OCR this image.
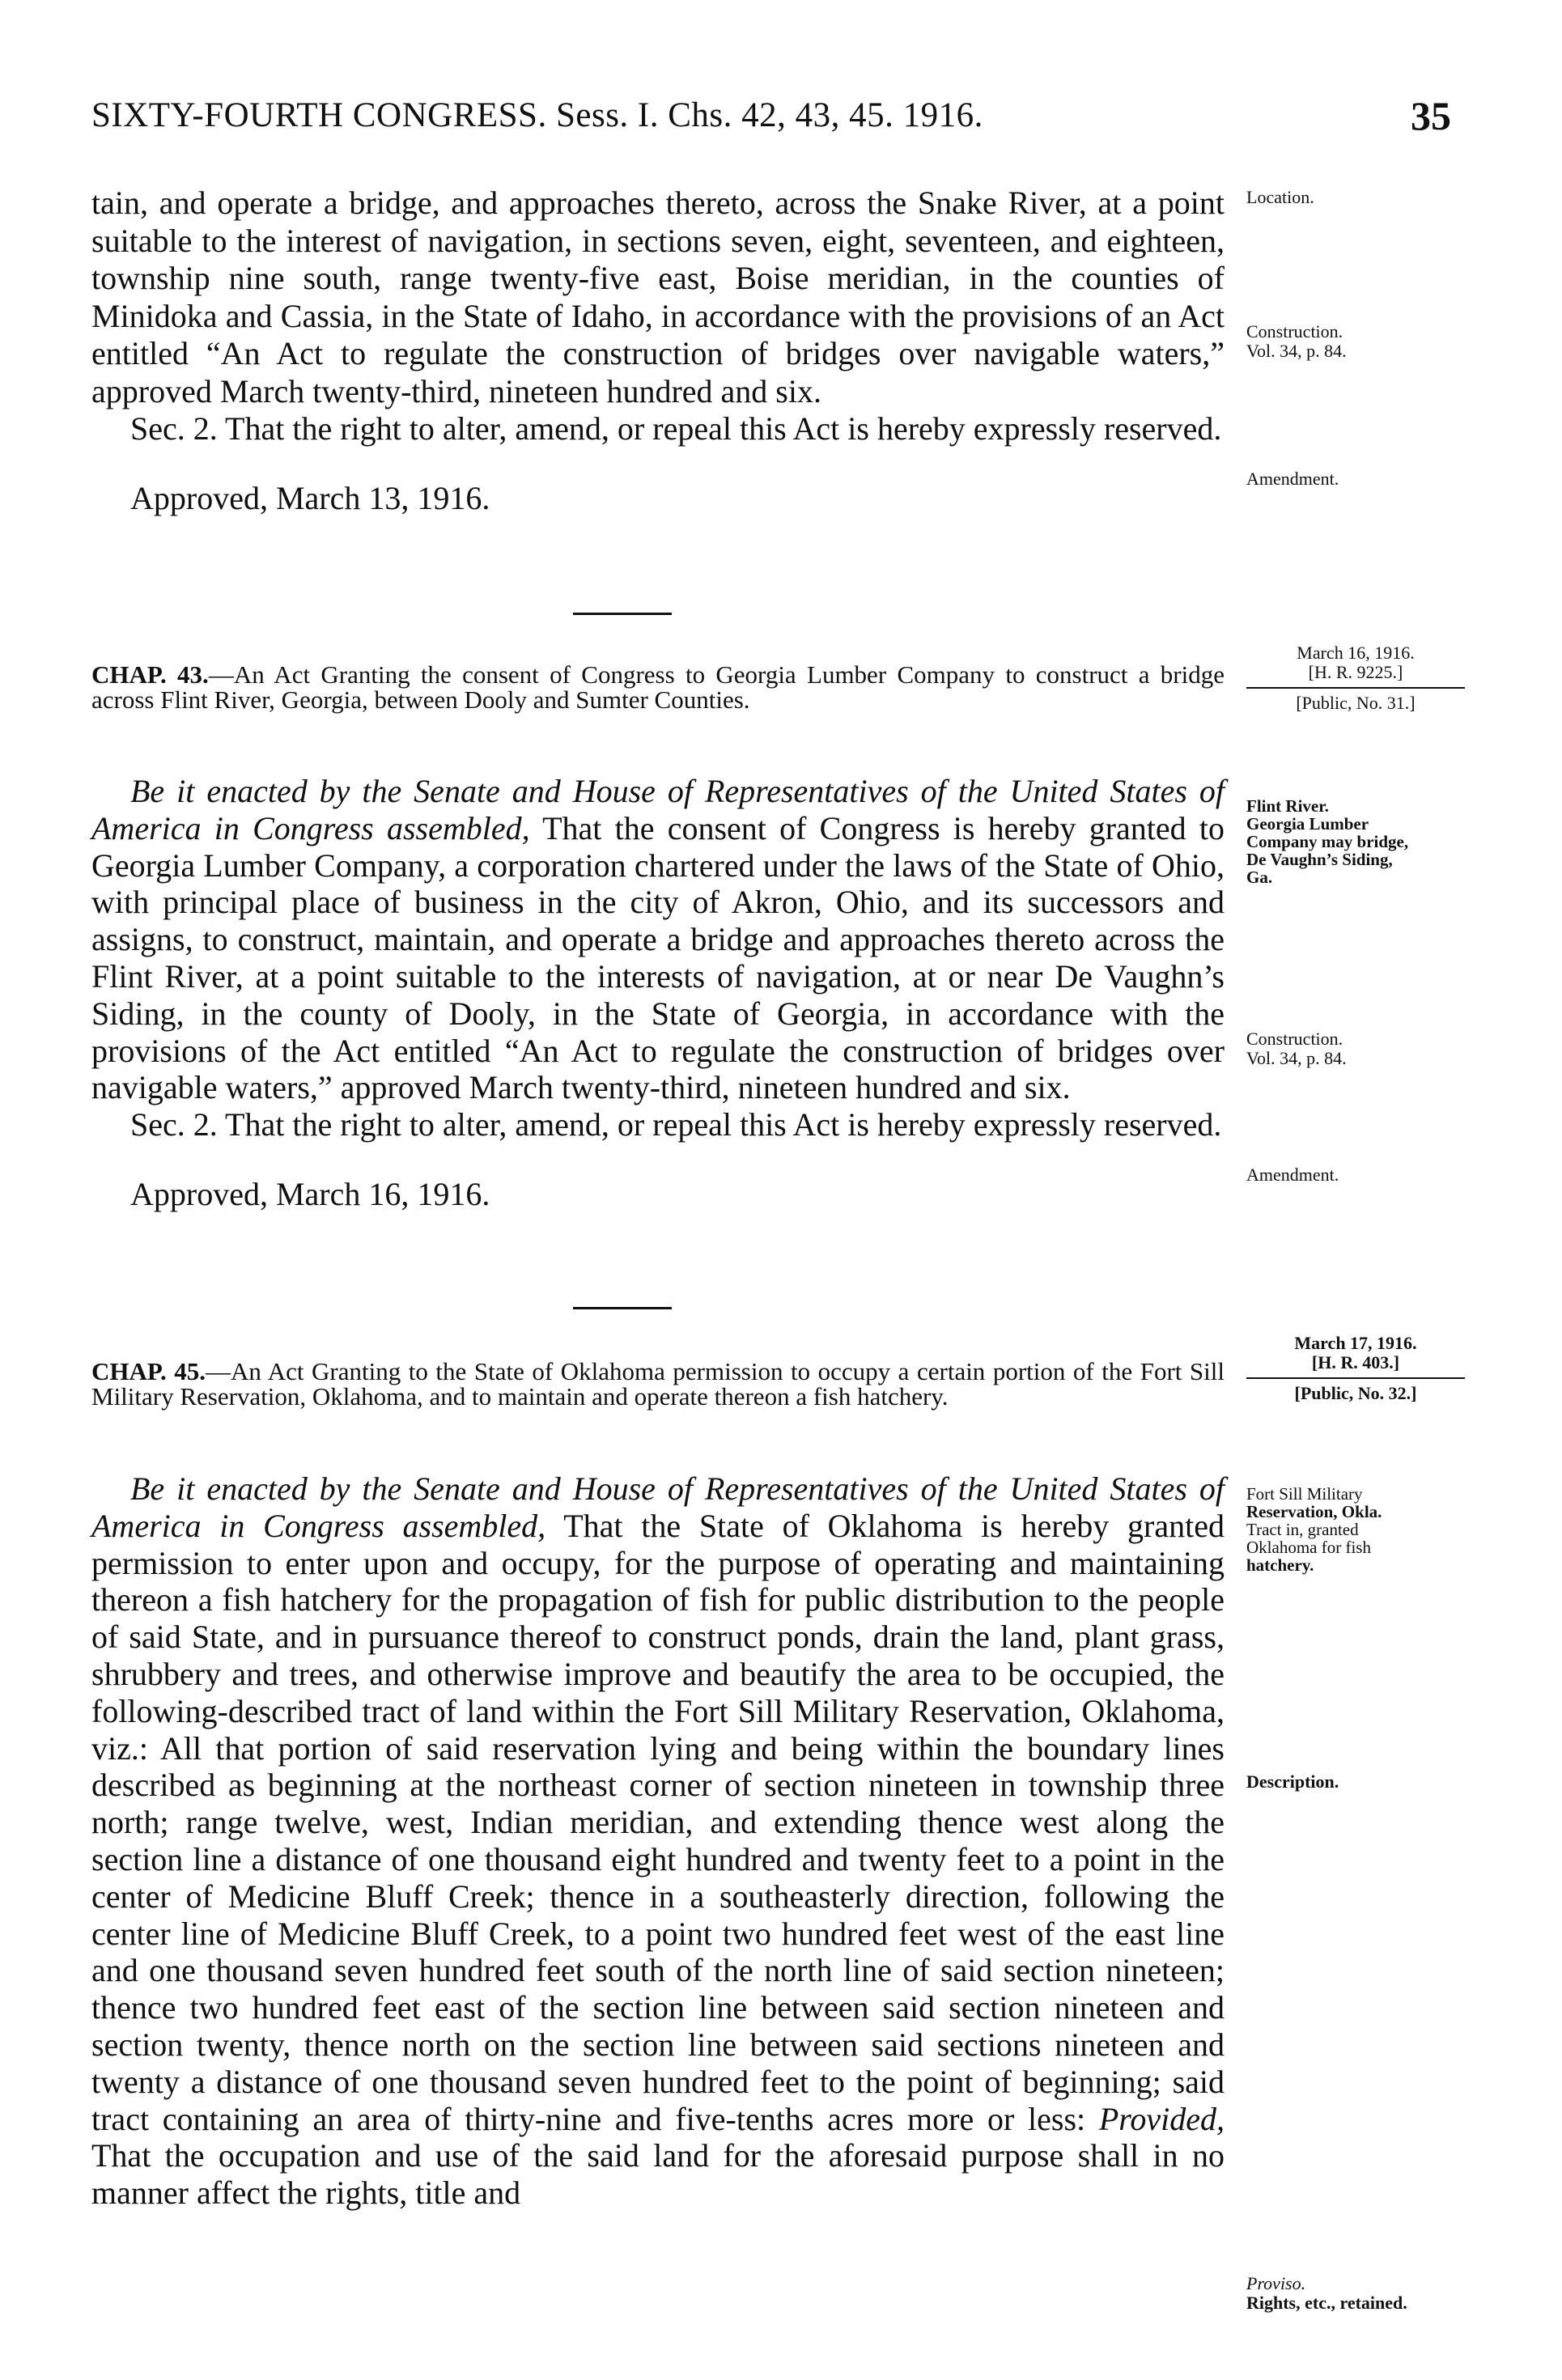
SIXTY-FOURTH CONGRESS. Sess. I. Chs. 42, 43, 45. 1916.	35

tain, and operate a bridge, and approaches thereto, across the Snake River, at a point suitable to the interest of navigation, in sections seven, eight, seventeen, and eighteen, township nine south, range twenty-five east, Boise meridian, in the counties of Minidoka and Cassia, in the State of Idaho, in accordance with the provisions of an Act entitled “An Act to regulate the construction of bridges over navigable waters,” approved March twenty-third, nineteen hundred and six.

Sec. 2. That the right to alter, amend, or repeal this Act is hereby expressly reserved.

Approved, March 13, 1916.

Location.
Construction.
Vol. 34, p. 84.
Amendment.
CHAP. 43.—An Act Granting the consent of Congress to Georgia Lumber Company to construct a bridge across Flint River, Georgia, between Dooly and Sumter Counties.
March 16, 1916.
[H. R. 9225.]
[Public, No. 31.]

Be it enacted by the Senate and House of Representatives of the United States of America in Congress assembled, That the consent of Congress is hereby granted to Georgia Lumber Company, a corporation chartered under the laws of the State of Ohio, with principal place of business in the city of Akron, Ohio, and its successors and assigns, to construct, maintain, and operate a bridge and approaches thereto across the Flint River, at a point suitable to the interests of navigation, at or near De Vaughn’s Siding, in the county of Dooly, in the State of Georgia, in accordance with the provisions of the Act entitled “An Act to regulate the construction of bridges over navigable waters,” approved March twenty-third, nineteen hundred and six.

Sec. 2. That the right to alter, amend, or repeal this Act is hereby expressly reserved.

Approved, March 16, 1916.

Flint River.
Georgia Lumber
Company may bridge,
De Vaughn’s Siding,
Ga.
Construction.
Vol. 34, p. 84.
Amendment.
CHAP. 45.—An Act Granting to the State of Oklahoma permission to occupy a certain portion of the Fort Sill Military Reservation, Oklahoma, and to maintain and operate thereon a fish hatchery.
March 17, 1916.
[H. R. 403.]
[Public, No. 32.]

Be it enacted by the Senate and House of Representatives of the United States of America in Congress assembled, That the State of Oklahoma is hereby granted permission to enter upon and occupy, for the purpose of operating and maintaining thereon a fish hatchery for the propagation of fish for public distribution to the people of said State, and in pursuance thereof to construct ponds, drain the land, plant grass, shrubbery and trees, and otherwise improve and beautify the area to be occupied, the following-described tract of land within the Fort Sill Military Reservation, Oklahoma, viz.: All that portion of said reservation lying and being within the boundary lines described as beginning at the northeast corner of section nineteen in township three north; range twelve, west, Indian meridian, and extending thence west along the section line a distance of one thousand eight hundred and twenty feet to a point in the center of Medicine Bluff Creek; thence in a southeasterly direction, following the center line of Medicine Bluff Creek, to a point two hundred feet west of the east line and one thousand seven hundred feet south of the north line of said section nineteen; thence two hundred feet east of the section line between said section nineteen and section twenty, thence north on the section line between said sections nineteen and twenty a distance of one thousand seven hundred feet to the point of beginning; said tract containing an area of thirty-nine and five-tenths acres more or less: Provided, That the occupation and use of the said land for the aforesaid purpose shall in no manner affect the rights, title and

Fort Sill Military
Reservation, Okla.
Tract in, granted
Oklahoma for fish
hatchery.
Description.
Proviso.
Rights, etc., retained.
